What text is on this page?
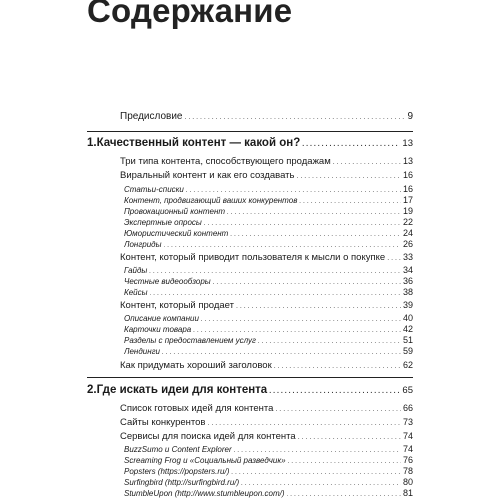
Содержание
Предисловие . . .	9
1. Качественный контент — какой он? . . .	13
Три типа контента, способствующего продажам . . .	13
Виральный контент и как его создавать . . .	16
Статьи-списки . . .	16
Контент, продвигающий ваших конкурентов . . .	17
Провокационный контент . . .	19
Экспертные опросы . . .	22
Юмористический контент . . .	24
Лонгриды . . .	26
Контент, который приводит пользователя к мысли о покупке . . . 33
Гайды . . .	34
Честные видеообзоры . . .	36
Кейсы . . .	38
Контент, который продает . . .	39
Описание компании . . .	40
Карточки товара . . .	42
Разделы с предоставлением услуг . . .	51
Лендинги . . .	59
Как придумать хороший заголовок . . .	62
2. Где искать идеи для контента . . .	65
Список готовых идей для контента . . .	66
Сайты конкурентов . . .	73
Сервисы для поиска идей для контента . . .	74
BuzzSumo и Content Explorer . . .	74
Screaming Frog и «Социальный разведчик» . . .	76
Popsters (https://popsters.ru/) . . .	78
Surfingbird (http://surfingbird.ru/) . . .	80
StumbleUpon (http://www.stumbleupon.com/) . . .	81
